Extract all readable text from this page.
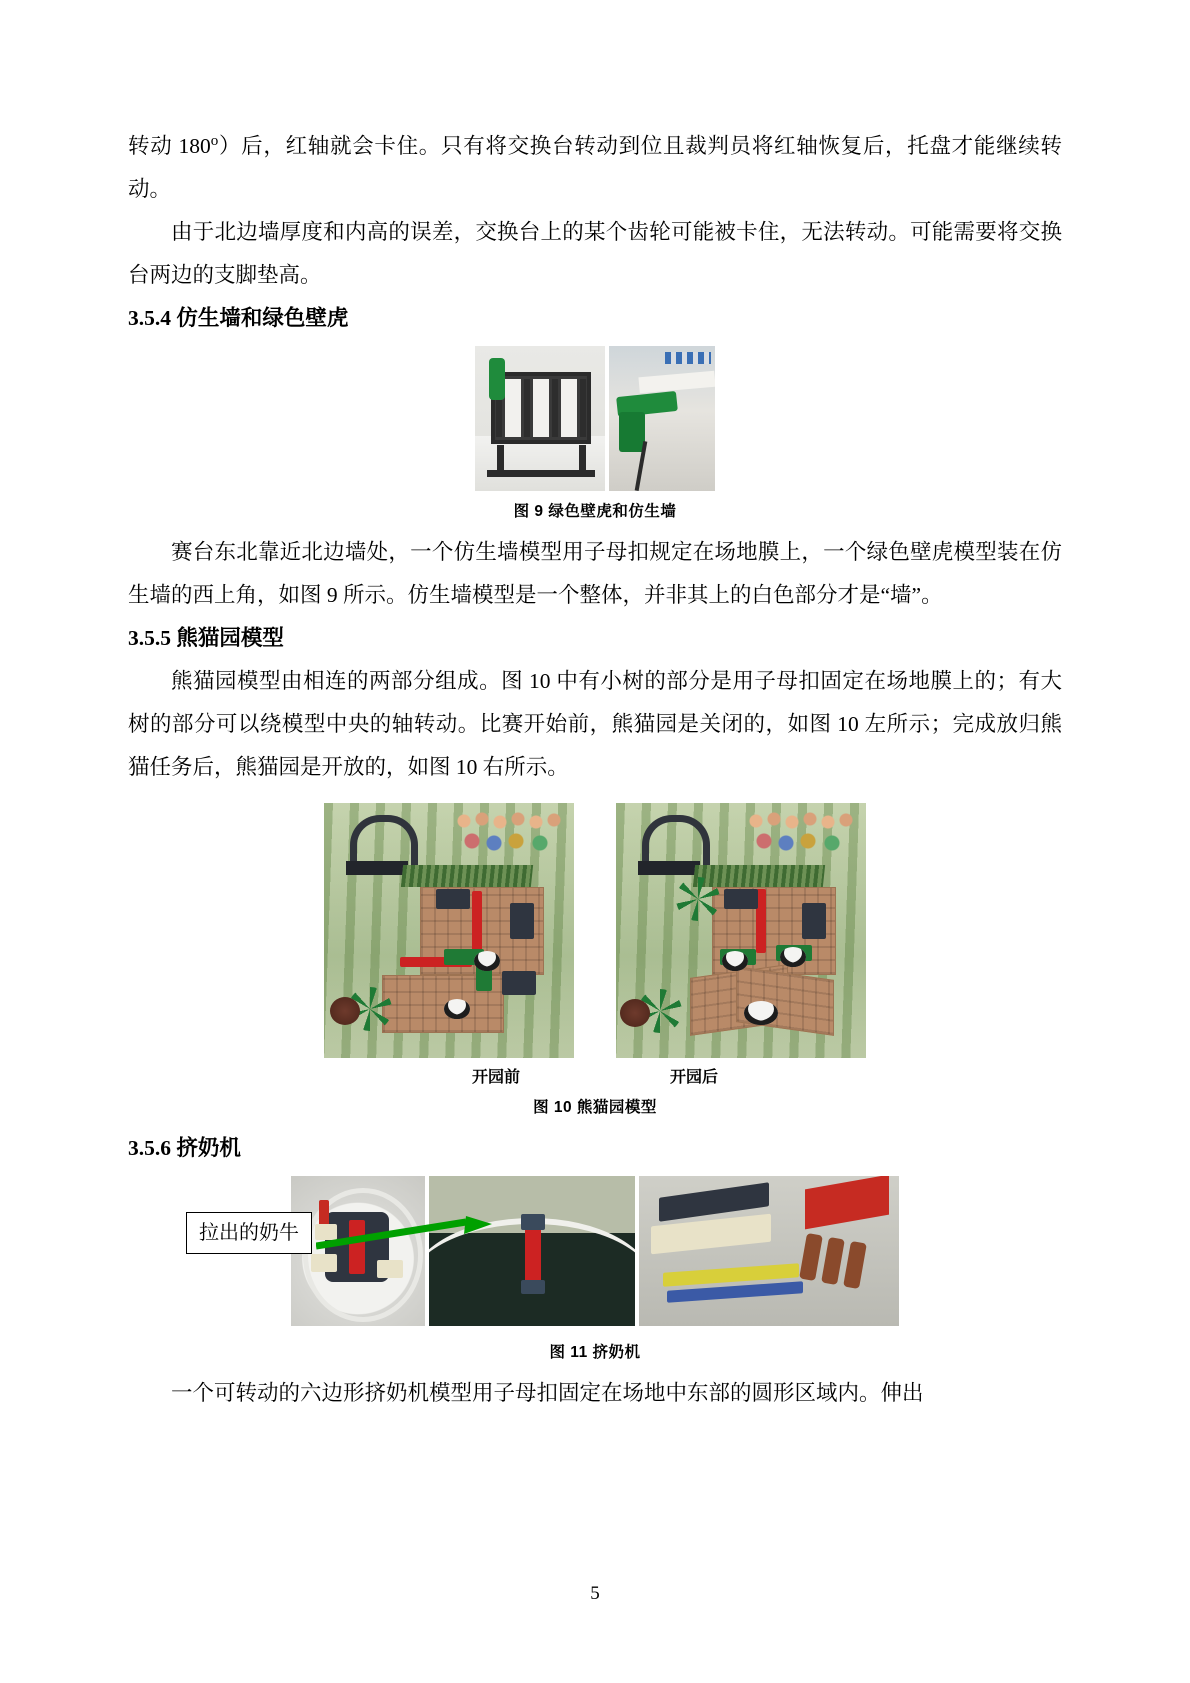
转动 180$^o$）后，红轴就会卡住。只有将交换台转动到位且裁判员将红轴恢复后，托盘才能继续转动。

由于北边墙厚度和内高的误差，交换台上的某个齿轮可能被卡住，无法转动。可能需要将交换台两边的支脚垫高。

3.5.4 仿生墙和绿色壁虎
图 9 绿色壁虎和仿生墙

赛台东北靠近北边墙处，一个仿生墙模型用子母扣规定在场地膜上，一个绿色壁虎模型装在仿生墙的西上角，如图 9 所示。仿生墙模型是一个整体，并非其上的白色部分才是“墙”。

3.5.5 熊猫园模型

熊猫园模型由相连的两部分组成。图 10 中有小树的部分是用子母扣固定在场地膜上的；有大树的部分可以绕模型中央的轴转动。比赛开始前，熊猫园是关闭的，如图 10 左所示；完成放归熊猫任务后，熊猫园是开放的，如图 10 右所示。

开园前	开园后
图 10 熊猫园模型
3.5.6 挤奶机
拉出的奶牛
图 11 挤奶机

一个可转动的六边形挤奶机模型用子母扣固定在场地中东部的圆形区域内。伸出

5
